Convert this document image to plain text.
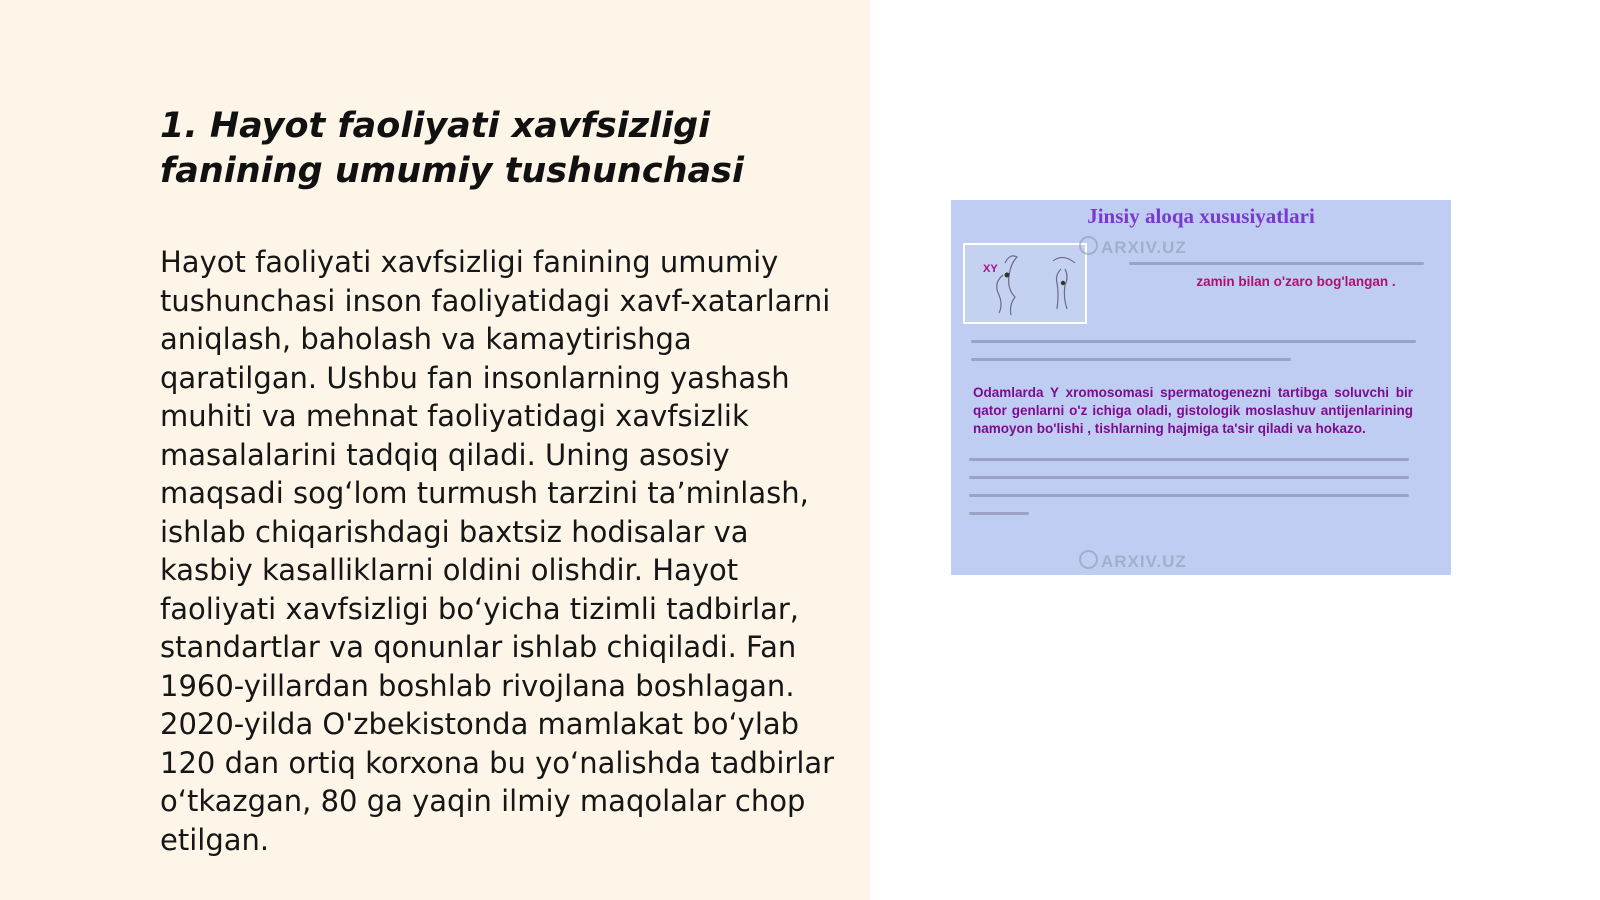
1. Hayot faoliyati xavfsizligi fanining umumiy tushunchasi

Hayot faoliyati xavfsizligi fanining umumiy tushunchasi inson faoliyatidagi xavf-xatarlarni aniqlash, baholash va kamaytirishga qaratilgan. Ushbu fan insonlarning yashash muhiti va mehnat faoliyatidagi xavfsizlik masalalarini tadqiq qiladi. Uning asosiy maqsadi sog‘lom turmush tarzini ta’minlash, ishlab chiqarishdagi baxtsiz hodisalar va kasbiy kasalliklarni oldini olishdir. Hayot faoliyati xavfsizligi bo‘yicha tizimli tadbirlar, standartlar va qonunlar ishlab chiqiladi. Fan 1960-yillardan boshlab rivojlana boshlagan. 2020-yilda O'zbekistonda mamlakat bo‘ylab 120 dan ortiq korxona bu yo‘nalishda tadbirlar o‘tkazgan, 80 ga yaqin ilmiy maqolalar chop etilgan.

Jinsiy aloqa xususiyatlari
XY
ARXIV.UZ
zamin bilan o'zaro bog'langan .

Odamlarda Y xromosomasi spermatogenezni tartibga soluvchi bir qator genlarni o'z ichiga oladi, gistologik moslashuv antijenlarining namoyon bo'lishi , tishlarning hajmiga ta'sir qiladi va hokazo.

ARXIV.UZ
